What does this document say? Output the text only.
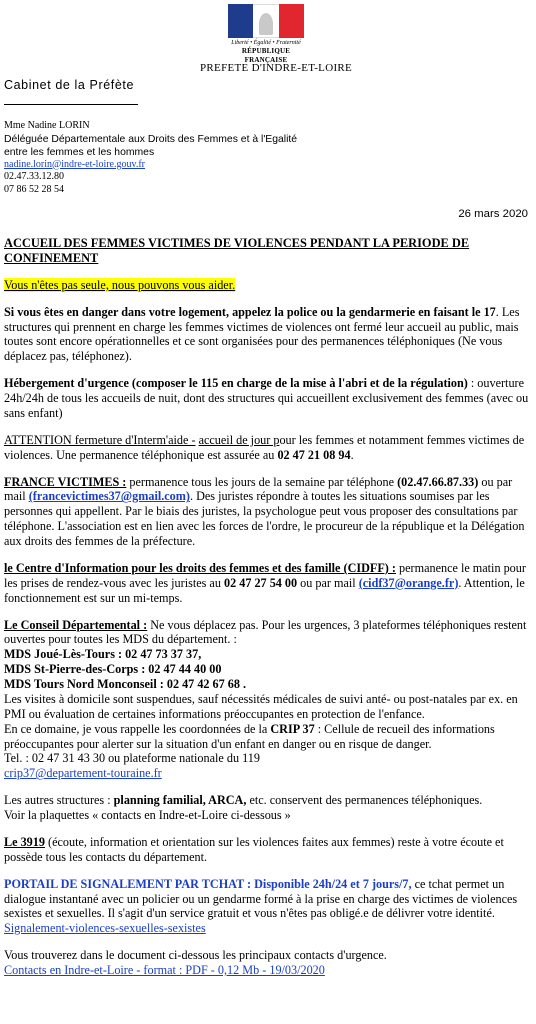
Liberté • Égalité • Fraternité
RÉPUBLIQUE FRANÇAISE
PREFETE D'INDRE-ET-LOIRE
Cabinet de la Préfète
Mme Nadine LORIN
Déléguée Départementale aux Droits des Femmes et à l'Egalité
entre les femmes et les hommes
nadine.lorin@indre-et-loire.gouv.fr
02.47.33.12.80
07 86 52 28 54
26 mars 2020

ACCUEIL DES FEMMES VICTIMES DE VIOLENCES PENDANT LA PERIODE DE CONFINEMENT

Vous n'êtes pas seule, nous pouvons vous aider.

Si vous êtes en danger dans votre logement, appelez la police ou la gendarmerie en faisant le 17. Les structures qui prennent en charge les femmes victimes de violences ont fermé leur accueil au public, mais toutes sont encore opérationnelles et ce sont organisées pour des permanences téléphoniques (Ne vous déplacez pas, téléphonez).

Hébergement d'urgence (composer le 115 en charge de la mise à l'abri et de la régulation) : ouverture 24h/24h de tous les accueils de nuit, dont des structures qui accueillent exclusivement des femmes (avec ou sans enfant)

ATTENTION fermeture d'Interm'aide - accueil de jour pour les femmes et notamment femmes victimes de violences. Une permanence téléphonique est assurée au 02 47 21 08 94.

FRANCE VICTIMES : permanence tous les jours de la semaine par téléphone (02.47.66.87.33) ou par mail (francevictimes37@gmail.com). Des juristes répondre à toutes les situations soumises par les personnes qui appellent. Par le biais des juristes, la psychologue peut vous proposer des consultations par téléphone. L'association est en lien avec les forces de l'ordre, le procureur de la république et la Délégation aux droits des femmes de la préfecture.

le Centre d'Information pour les droits des femmes et des famille (CIDFF) : permanence le matin pour les prises de rendez-vous avec les juristes au 02 47 27 54 00 ou par mail (cidf37@orange.fr). Attention, le fonctionnement est sur un mi-temps.

Le Conseil Départemental : Ne vous déplacez pas. Pour les urgences, 3 plateformes téléphoniques restent ouvertes pour toutes les MDS du département. :

MDS Joué-Lès-Tours : 02 47 73 37 37,
MDS St-Pierre-des-Corps : 02 47 44 40 00
MDS Tours Nord Monconseil : 02 47 42 67 68 .

Les visites à domicile sont suspendues, sauf nécessités médicales de suivi anté- ou post-natales par ex. en PMI ou évaluation de certaines informations préoccupantes en protection de l'enfance.

En ce domaine, je vous rappelle les coordonnées de la CRIP 37 : Cellule de recueil des informations préoccupantes pour alerter sur la situation d'un enfant en danger ou en risque de danger.

Tel. : 02 47 31 43 30 ou plateforme nationale du 119

crip37@departement-touraine.fr

Les autres structures : planning familial, ARCA, etc. conservent des permanences téléphoniques.

Voir la plaquettes « contacts en Indre-et-Loire ci-dessous »

Le 3919 (écoute, information et orientation sur les violences faites aux femmes) reste à votre écoute et possède tous les contacts du département.

PORTAIL DE SIGNALEMENT PAR TCHAT : Disponible 24h/24 et 7 jours/7, ce tchat permet un dialogue instantané avec un policier ou un gendarme formé à la prise en charge des victimes de violences sexistes et sexuelles. Il s'agit d'un service gratuit et vous n'êtes pas obligé.e de délivrer votre identité.

Signalement-violences-sexuelles-sexistes

Vous trouverez dans le document ci-dessous les principaux contacts d'urgence.

Contacts en Indre-et-Loire - format : PDF - 0,12 Mb - 19/03/2020
